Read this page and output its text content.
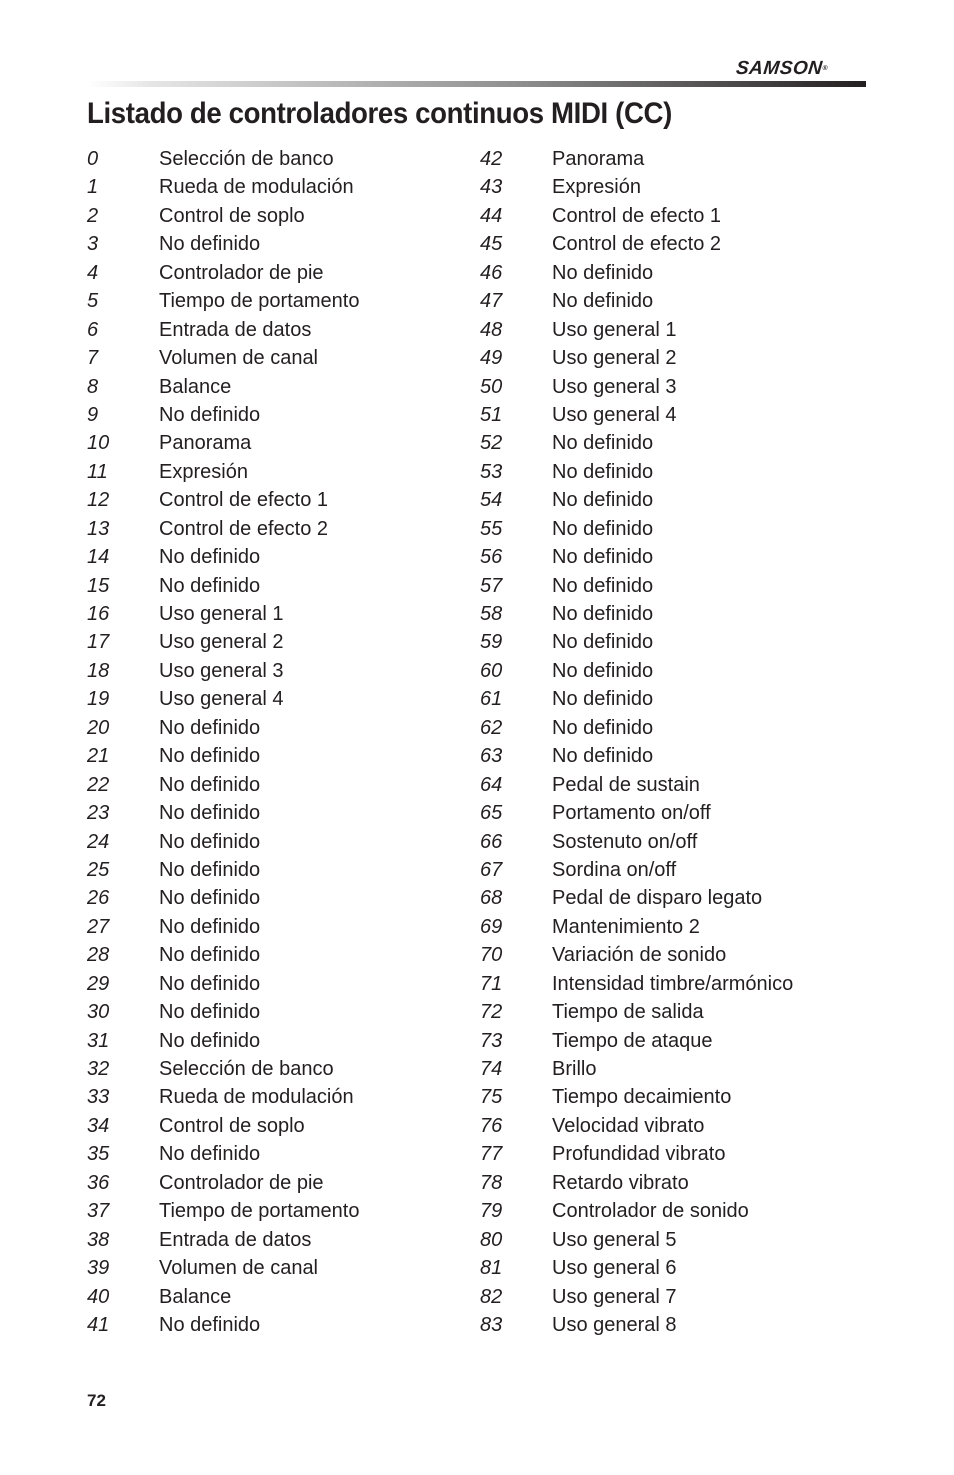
SAMSON®
Listado de controladores continuos MIDI (CC)
0	Selección de banco
1	Rueda de modulación
2	Control de soplo
3	No definido
4	Controlador de pie
5	Tiempo de portamento
6	Entrada de datos
7	Volumen de canal
8	Balance
9	No definido
10 Panorama
11	Expresión
12 Control de efecto 1
13 Control de efecto 2
14 No definido
15 No definido
16 Uso general 1
17 Uso general 2
18 Uso general 3
19 Uso general 4
20 No definido
21 No definido
22 No definido
23 No definido
24 No definido
25 No definido
26 No definido
27 No definido
28 No definido
29 No definido
30 No definido
31 No definido
32 Selección de banco
33 Rueda de modulación
34 Control de soplo
35 No definido
36 Controlador de pie
37 Tiempo de portamento
38 Entrada de datos
39 Volumen de canal
40 Balance
41 No definido
42 Panorama
43 Expresión
44 Control de efecto 1
45 Control de efecto 2
46 No definido
47 No definido
48 Uso general 1
49 Uso general 2
50 Uso general 3
51 Uso general 4
52 No definido
53 No definido
54 No definido
55 No definido
56 No definido
57 No definido
58 No definido
59 No definido
60 No definido
61 No definido
62 No definido
63 No definido
64 Pedal de sustain
65 Portamento on/off
66 Sostenuto on/off
67 Sordina on/off
68 Pedal de disparo legato
69 Mantenimiento 2
70 Variación de sonido
71 Intensidad timbre/armónico
72 Tiempo de salida
73 Tiempo de ataque
74 Brillo
75 Tiempo decaimiento
76 Velocidad vibrato
77 Profundidad vibrato
78 Retardo vibrato
79 Controlador de sonido
80 Uso general 5
81 Uso general 6
82 Uso general 7
83 Uso general 8
72
